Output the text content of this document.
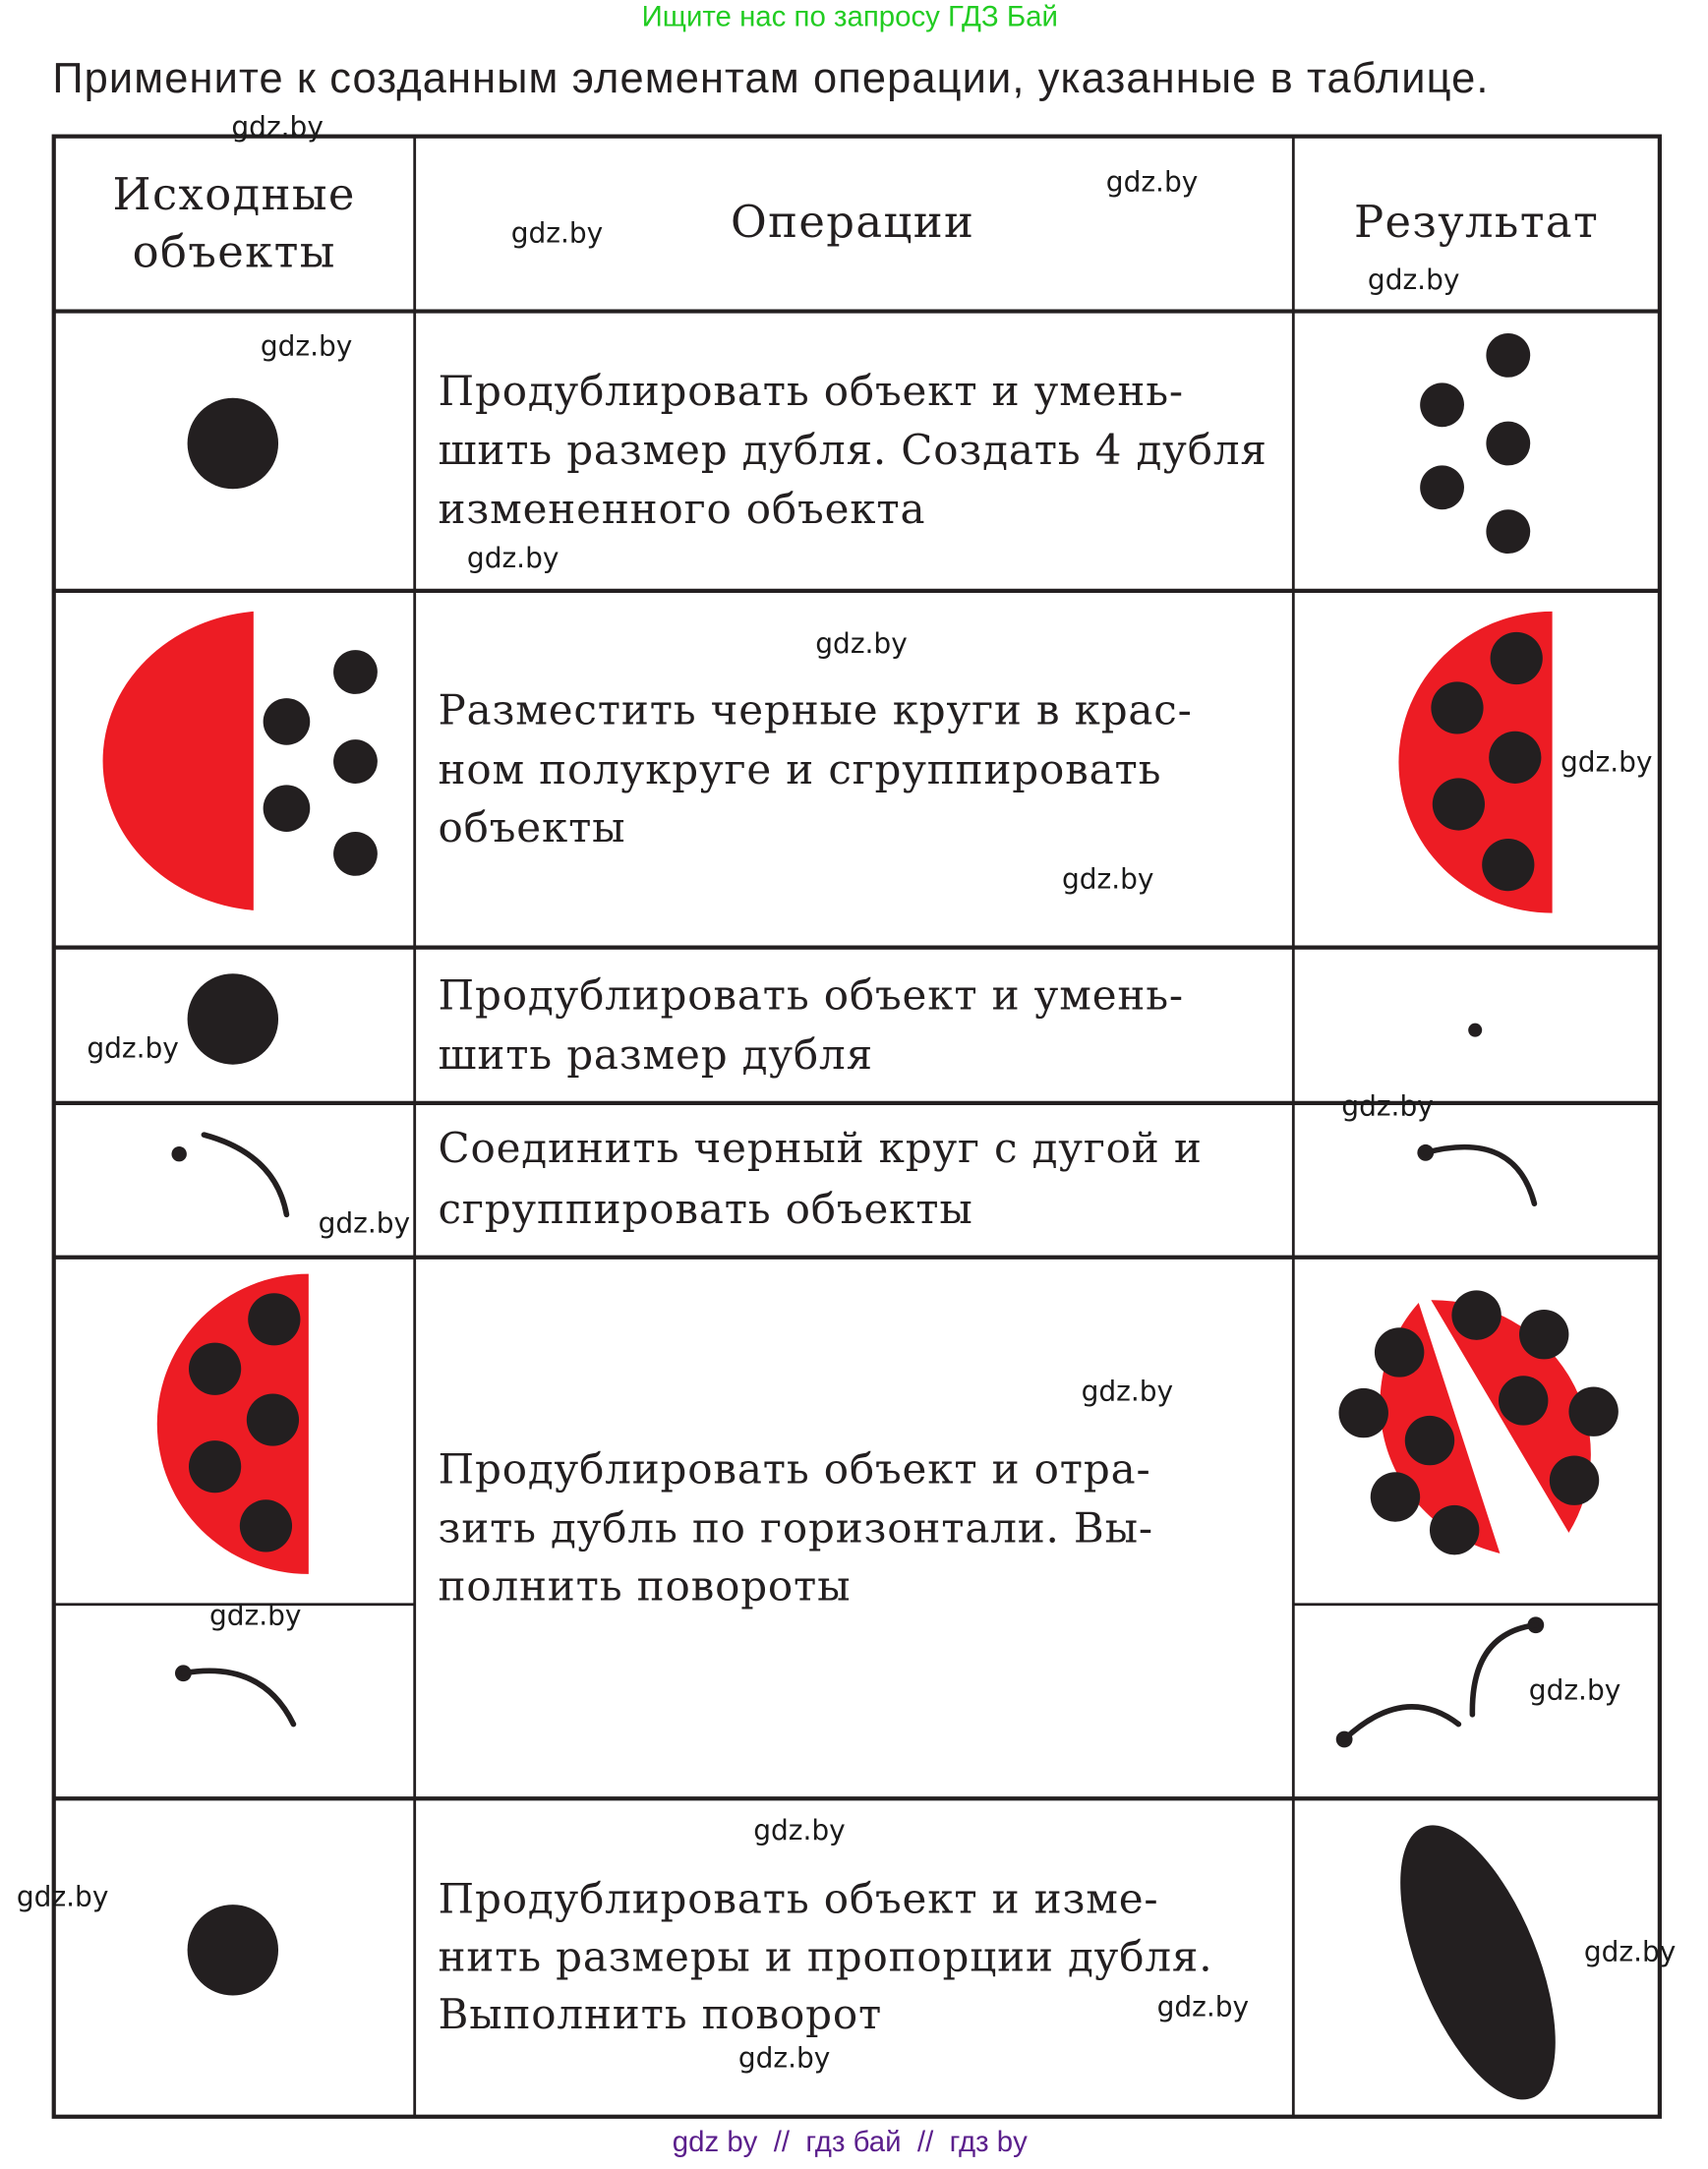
Ищите нас по запросу ГДЗ Бай
Примените к созданным элементам операции, указанные в таблице.
Исходные
объекты
Операции	Результат
Продублировать объект и умень-
шить размер дубля. Создать 4 дубля
измененного объекта
Разместить черные круги в крас-
ном полукруге и сгруппировать
объекты
Продублировать объект и умень-
шить размер дубля
Соединить черный круг с дугой и
сгруппировать объекты
Продублировать объект и отра-
зить дубль по горизонтали. Вы-
полнить повороты
Продублировать объект и изме-
нить размеры и пропорции дубля.
Выполнить поворот
gdz.by
gdz.by
gdz.by
gdz.by
gdz.by
gdz.by
gdz.by
gdz.by
gdz.by
gdz.by
gdz.by
gdz.by
gdz.by
gdz.by
gdz.by
gdz.by
gdz.by
gdz.by
gdz.by
gdz.by
gdz by  //  гдз бай  //  гдз by
